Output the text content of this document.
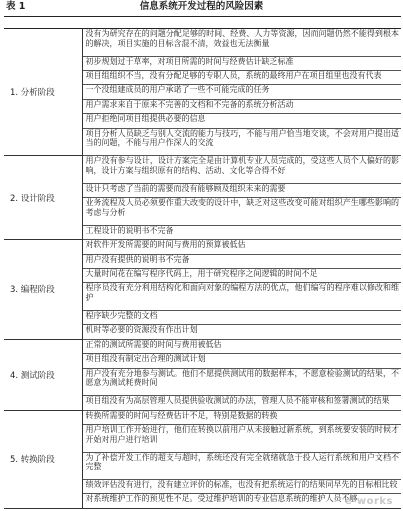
表 1	信息系统开发过程的风险因素

1. 分析阶段	没有为研究存在的问题分配足够的时间、经费、人力等资源，因而问题仍然不能得到根本的解决，项目实施的目标含混不清，效益也无法衡量
	初步规划过于草率，对项目所需的时间与经费估计缺乏标准
	项目组组织不当，没有分配足够的专职人员，系统的最终用户在项目组里也没有代表
	一个没组建成员的用户承诺了一些不可能完成的任务
	用户需求来自于原来不完善的文档和不完备的系统分析活动
	用户拒绝同项目组提供必要的信息
	项目分析人员缺乏与别人交流的能力与技巧，不能与用户恰当地交谈，不会对用户提出适当的问题，不能与用户作深人的交流
2. 设计阶段	用户没有参与设计，设计方案完全是由计算机专业人员完成的，受这些人员个人偏好的影响，设计方案与组织原有的结构、活动、文化等合得不好
	设计只考虑了当前的需要而没有能够顾及组织未来的需要
	业务流程及人员必须要作重大改变的设计中，缺乏对这些改变可能对组织产生哪些影响的考虑与分析
	工程设计的说明书不完备
3. 编程阶段	对软件开发所需要的时间与费用的预算被低估
	用户没有提供的说明书不完备
	大量时间花在编写程序代码上，用于研究程序之间逻辑的时间不足
	程序员没有充分利用结构化和面向对象的编程方法的优点，他们编写的程序难以修改和维护
	程序缺少完整的文档
	机时等必要的资源没有作出计划
4. 测试阶段	正常的测试所需要的时间与费用被低估
	项目组没有制定出合理的测试计划
	用户没有充分地参与测试。他们不愿提供测试用的数据样本，不愿意检验测试的结果，不愿意为测试耗费时间
	项目组没有为高层管理人员提供验收测试的办法，管理人员不能审核和签署测试的结果
5. 转换阶段	转换所需要的时间与经费估计不足，特别是数据的转换
	用户培训工作开始进行，他们在转换以前用户从未接触过新系统，到系统要安装的时候才开始对用户进行培训
	为了补偿开发工作的超支与超时，系统还没有完全就绪就急于投人运行系统和用户文档不完整
	绩效评估没有进行，没有建立评价的标准，也没有把系统运行的结果同早先的目标相比较
	对系统维护工作的预见性不足。受过维护培训的专业信息系统的维护人员不够
e-works
